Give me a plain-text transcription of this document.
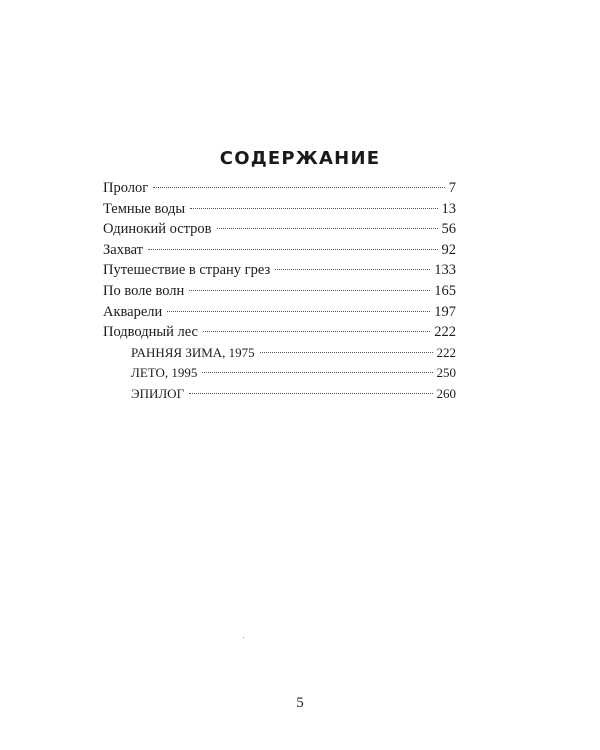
СОДЕРЖАНИЕ
Пролог	7
Темные воды	13
Одинокий остров	56
Захват	92
Путешествие в страну грез	133
По воле волн	165
Акварели	197
Подводный лес	222
РАННЯЯ ЗИМА, 1975	222
ЛЕТО, 1995	250
ЭПИЛОГ	260
5
